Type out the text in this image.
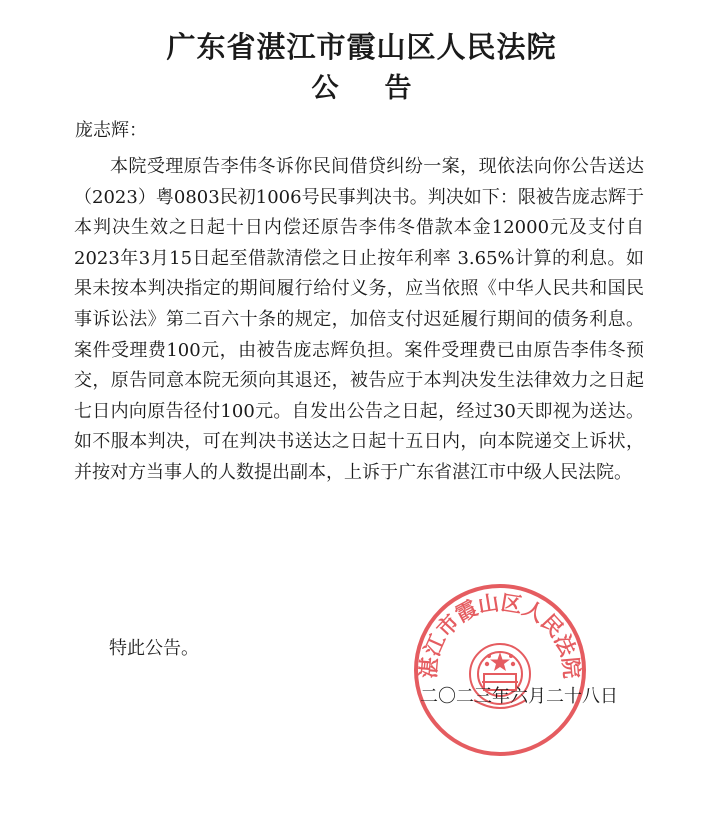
广东省湛江市霞山区人民法院
公告
庞志辉：

本院受理原告李伟冬诉你民间借贷纠纷一案，现依法向你公告送达（2023）粤0803民初1006号民事判决书。判决如下：限被告庞志辉于本判决生效之日起十日内偿还原告李伟冬借款本金12000元及支付自2023年3月15日起至借款清偿之日止按年利率 3.65%计算的利息。如果未按本判决指定的期间履行给付义务，应当依照《中华人民共和国民事诉讼法》第二百六十条的规定，加倍支付迟延履行期间的债务利息。案件受理费100元，由被告庞志辉负担。案件受理费已由原告李伟冬预交，原告同意本院无须向其退还，被告应于本判决发生法律效力之日起七日内向原告径付100元。自发出公告之日起，经过30天即视为送达。如不服本判决，可在判决书送达之日起十五日内，向本院递交上诉状，并按对方当事人的人数提出副本，上诉于广东省湛江市中级人民法院。

特此公告。
湛江市霞山区人民法院
二〇二三年六月二十八日
